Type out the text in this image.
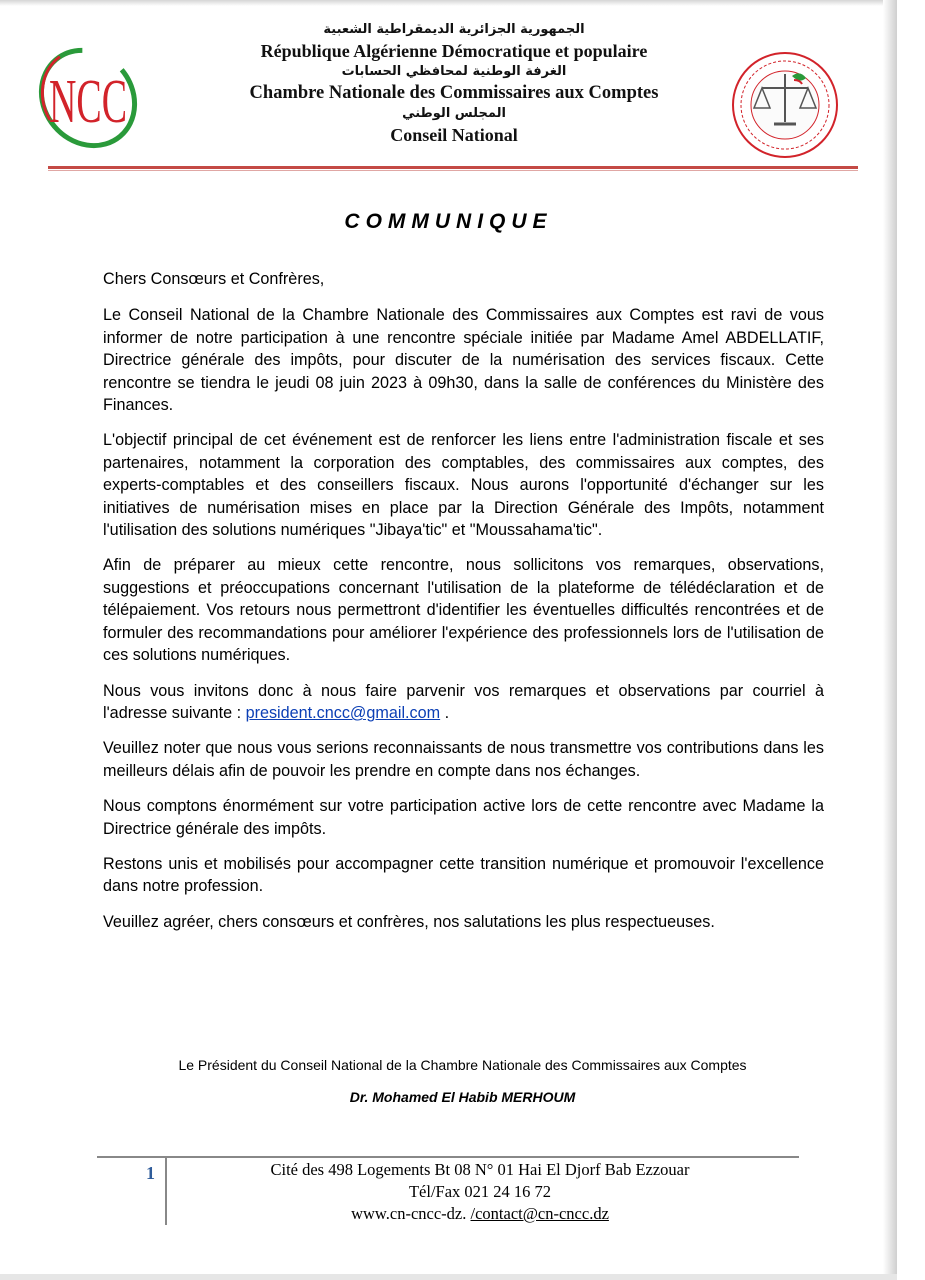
NCC
الجمهورية الجزائرية الديمقراطية الشعبية
République Algérienne Démocratique et populaire
الغرفة الوطنية لمحافظي الحسابات
Chambre Nationale des Commissaires aux Comptes
المجلس الوطني
Conseil National
COMMUNIQUE

Chers Consœurs et Confrères,

Le Conseil National de la Chambre Nationale des Commissaires aux Comptes est ravi de vous informer de notre participation à une rencontre spéciale initiée par Madame Amel ABDELLATIF, Directrice générale des impôts, pour discuter de la numérisation des services fiscaux. Cette rencontre se tiendra le jeudi 08 juin 2023 à 09h30, dans la salle de conférences du Ministère des Finances.

L'objectif principal de cet événement est de renforcer les liens entre l'administration fiscale et ses partenaires, notamment la corporation des comptables, des commissaires aux comptes, des experts-comptables et des conseillers fiscaux. Nous aurons l'opportunité d'échanger sur les initiatives de numérisation mises en place par la Direction Générale des Impôts, notamment l'utilisation des solutions numériques "Jibaya'tic" et "Moussahama'tic".

Afin de préparer au mieux cette rencontre, nous sollicitons vos remarques, observations, suggestions et préoccupations concernant l'utilisation de la plateforme de télédéclaration et de télépaiement. Vos retours nous permettront d'identifier les éventuelles difficultés rencontrées et de formuler des recommandations pour améliorer l'expérience des professionnels lors de l'utilisation de ces solutions numériques.

Nous vous invitons donc à nous faire parvenir vos remarques et observations par courriel à l'adresse suivante : president.cncc@gmail.com .

Veuillez noter que nous vous serions reconnaissants de nous transmettre vos contributions dans les meilleurs délais afin de pouvoir les prendre en compte dans nos échanges.

Nous comptons énormément sur votre participation active lors de cette rencontre avec Madame la Directrice générale des impôts.

Restons unis et mobilisés pour accompagner cette transition numérique et promouvoir l'excellence dans notre profession.

Veuillez agréer, chers consœurs et confrères, nos salutations les plus respectueuses.

Le Président du Conseil National de la Chambre Nationale des Commissaires aux Comptes
Dr. Mohamed El Habib MERHOUM
1	Cité des 498 Logements Bt 08 N° 01 Hai El Djorf Bab Ezzouar
Tél/Fax 021 24 16 72
www.cn-cncc-dz. /contact@cn-cncc.dz
